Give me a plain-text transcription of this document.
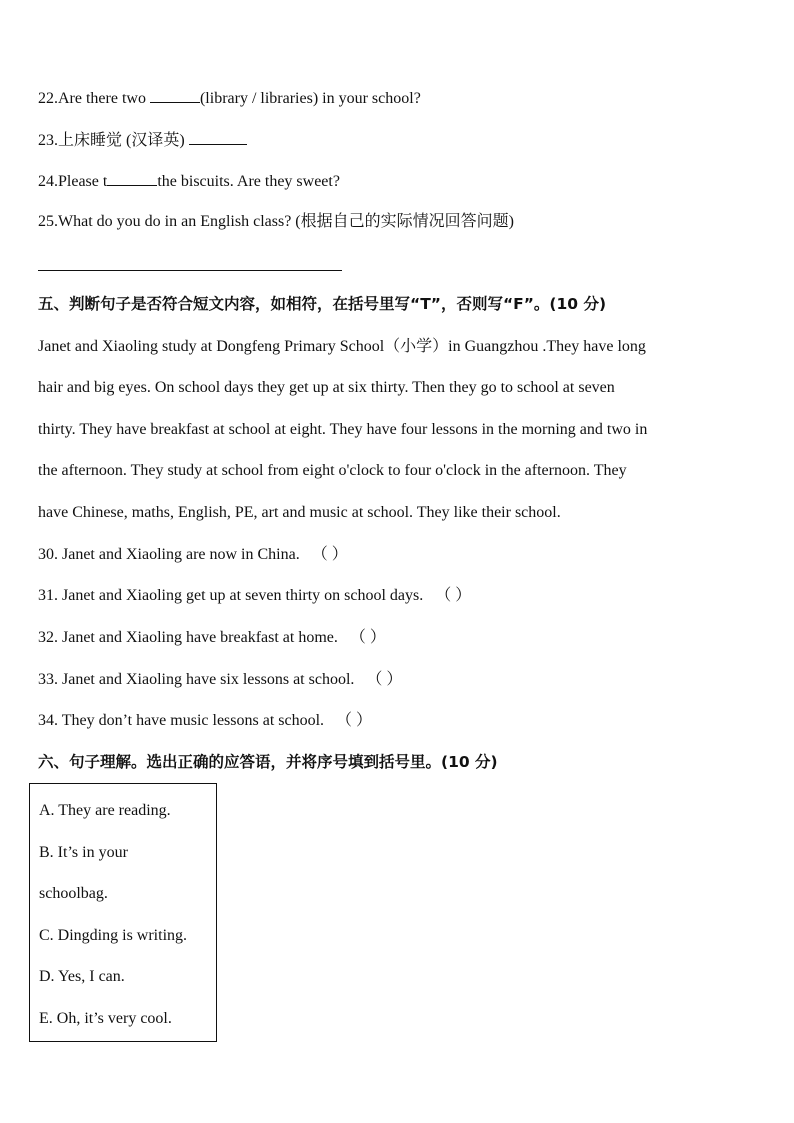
22.Are there two	(library / libraries) in your school?
23.上床睡觉 (汉译英)
24.Please t	the biscuits. Are they sweet?
25.What do you do in an English class? (根据自己的实际情况回答问题)
五、判断句子是否符合短文内容，如相符，在括号里写“T”，否则写“F”。(10 分)
Janet and Xiaoling study at Dongfeng Primary School（小学）in Guangzhou .They have long
hair and big eyes. On school days they get up at six thirty. Then they go to school at seven
thirty. They have breakfast at school at eight. They have four lessons in the morning and two in
the afternoon. They study at school from eight o'clock to four o'clock in the afternoon. They
have Chinese, maths, English, PE, art and music at school. They like their school.
30. Janet and Xiaoling are now in China. （ ）
31. Janet and Xiaoling get up at seven thirty on school days. （ ）
32. Janet and Xiaoling have breakfast at home. （ ）
33. Janet and Xiaoling have six lessons at school. （ ）
34. They don’t have music lessons at school. （ ）
六、句子理解。选出正确的应答语，并将序号填到括号里。(10 分)
A. They are reading.
B. It’s in your
schoolbag.
C. Dingding is writing.
D. Yes, I can.
E. Oh, it’s very cool.
